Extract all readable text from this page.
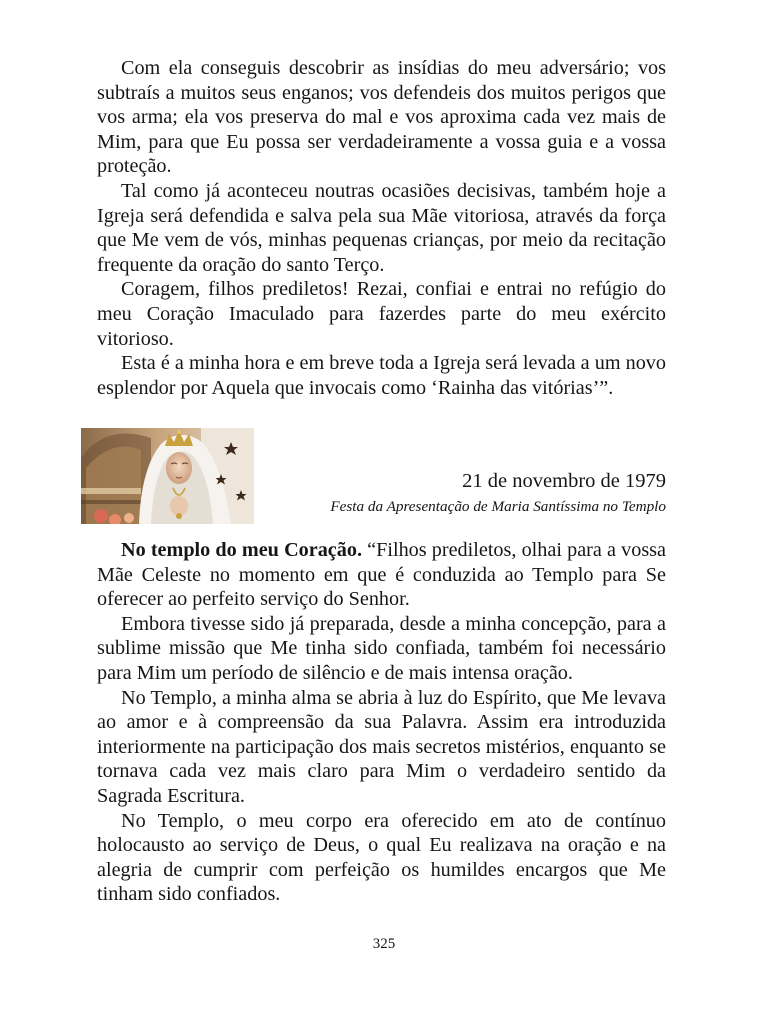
Com ela conseguis descobrir as insídias do meu adversário; vos subtraís a muitos seus enganos; vos defendeis dos muitos perigos que vos arma; ela vos preserva do mal e vos aproxima cada vez mais de Mim, para que Eu possa ser verdadeiramente a vossa guia e a vossa proteção.

Tal como já aconteceu noutras ocasiões decisivas, também hoje a Igreja será defendida e salva pela sua Mãe vitoriosa, através da força que Me vem de vós, minhas pequenas crianças, por meio da recitação frequente da oração do santo Terço.

Coragem, filhos prediletos! Rezai, confiai e entrai no refúgio do meu Coração Imaculado para fazerdes parte do meu exército vitorioso.

Esta é a minha hora e em breve toda a Igreja será levada a um novo esplendor por Aquela que invocais como ‘Rainha das vitórias’”.

21 de novembro de 1979
Festa da Apresentação de Maria Santíssima no Templo

No templo do meu Coração. “Filhos prediletos, olhai para a vossa Mãe Celeste no momento em que é conduzida ao Templo para Se oferecer ao perfeito serviço do Senhor.

Embora tivesse sido já preparada, desde a minha concepção, para a sublime missão que Me tinha sido confiada, também foi necessário para Mim um período de silêncio e de mais intensa oração.

No Templo, a minha alma se abria à luz do Espírito, que Me levava ao amor e à compreensão da sua Palavra. Assim era introduzida interiormente na participação dos mais secretos mistérios, enquanto se tornava cada vez mais claro para Mim o verdadeiro sentido da Sagrada Escritura.

No Templo, o meu corpo era oferecido em ato de contínuo holocausto ao serviço de Deus, o qual Eu realizava na oração e na alegria de cumprir com perfeição os humildes encargos que Me tinham sido confiados.

325
